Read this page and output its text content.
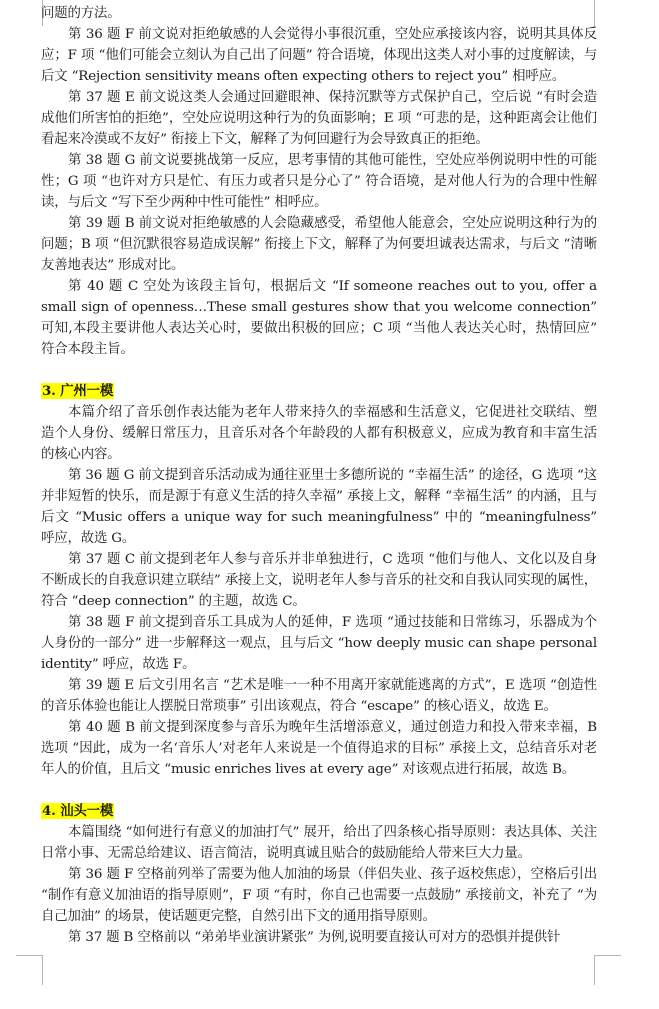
问题的方法。

第 36 题 F 前文说对拒绝敏感的人会觉得小事很沉重，空处应承接该内容，说明其具体反应；F 项 “他们可能会立刻认为自己出了问题” 符合语境，体现出这类人对小事的过度解读，与后文 “Rejection sensitivity means often expecting others to reject you” 相呼应。

第 37 题 E 前文说这类人会通过回避眼神、保持沉默等方式保护自己，空后说 “有时会造成他们所害怕的拒绝”，空处应说明这种行为的负面影响；E 项 “可悲的是，这种距离会让他们看起来冷漠或不友好” 衔接上下文，解释了为何回避行为会导致真正的拒绝。

第 38 题 G 前文说要挑战第一反应，思考事情的其他可能性，空处应举例说明中性的可能性；G 项 “也许对方只是忙、有压力或者只是分心了” 符合语境，是对他人行为的合理中性解读，与后文 “写下至少两种中性可能性” 相呼应。

第 39 题 B 前文说对拒绝敏感的人会隐藏感受，希望他人能意会，空处应说明这种行为的问题；B 项 “但沉默很容易造成误解” 衔接上下文，解释了为何要坦诚表达需求，与后文 “清晰友善地表达” 形成对比。

第 40 题 C 空处为该段主旨句，根据后文 “If someone reaches out to you, offer a small sign of openness…These small gestures show that you welcome connection” 可知,本段主要讲他人表达关心时，要做出积极的回应；C 项 “当他人表达关心时，热情回应” 符合本段主旨。

3. 广州一模

本篇介绍了音乐创作表达能为老年人带来持久的幸福感和生活意义，它促进社交联结、塑造个人身份、缓解日常压力，且音乐对各个年龄段的人都有积极意义，应成为教育和丰富生活的核心内容。

第 36 题 G 前文提到音乐活动成为通往亚里士多德所说的 “幸福生活” 的途径，G 选项 “这并非短暂的快乐，而是源于有意义生活的持久幸福” 承接上文，解释 “幸福生活” 的内涵，且与后文 “Music offers a unique way for such meaningfulness” 中的 “meaningfulness” 呼应，故选 G。

第 37 题 C 前文提到老年人参与音乐并非单独进行，C 选项 “他们与他人、文化以及自身不断成长的自我意识建立联结” 承接上文，说明老年人参与音乐的社交和自我认同实现的属性，符合 “deep connection” 的主题，故选 C。

第 38 题 F 前文提到音乐工具成为人的延伸，F 选项 “通过技能和日常练习，乐器成为个人身份的一部分” 进一步解释这一观点，且与后文 “how deeply music can shape personal identity” 呼应，故选 F。

第 39 题 E 后文引用名言 “艺术是唯一一种不用离开家就能逃离的方式”，E 选项 “创造性的音乐体验也能让人摆脱日常琐事” 引出该观点，符合 “escape” 的核心语义，故选 E。

第 40 题 B 前文提到深度参与音乐为晚年生活增添意义，通过创造力和投入带来幸福，B 选项 “因此，成为一名‘音乐人’对老年人来说是一个值得追求的目标” 承接上文，总结音乐对老年人的价值，且后文 “music enriches lives at every age” 对该观点进行拓展，故选 B。

4. 汕头一模

本篇围绕 “如何进行有意义的加油打气” 展开，给出了四条核心指导原则：表达具体、关注日常小事、无需总给建议、语言简洁，说明真诚且贴合的鼓励能给人带来巨大力量。

第 36 题 F 空格前列举了需要为他人加油的场景（伴侣失业、孩子返校焦虑），空格后引出 “制作有意义加油语的指导原则”，F 项 “有时，你自己也需要一点鼓励” 承接前文，补充了 “为自己加油” 的场景，使话题更完整，自然引出下文的通用指导原则。

第 37 题 B 空格前以 “弟弟毕业演讲紧张” 为例,说明要直接认可对方的恐惧并提供针
